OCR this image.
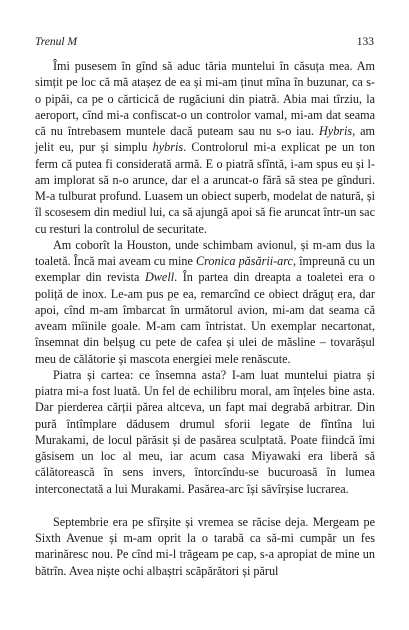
Trenul M	133

Îmi pusesem în gînd să aduc tăria muntelui în căsuța mea. Am simțit pe loc că mă atașez de ea și mi-am ținut mîna în buzunar, ca s-o pipăi, ca pe o cărticică de rugăciuni din piatră. Abia mai tîrziu, la aeroport, cînd mi-a confiscat-o un controlor vamal, mi-am dat seama că nu întrebasem muntele dacă puteam sau nu s-o iau. Hybris, am jelit eu, pur și simplu hybris. Controlorul mi-a explicat pe un ton ferm că putea fi considerată armă. E o piatră sfîntă, i-am spus eu și l-am implorat să n-o arunce, dar el a aruncat-o fără să stea pe gînduri. M-a tulburat profund. Luasem un obiect superb, modelat de natură, și îl scosesem din mediul lui, ca să ajungă apoi să fie aruncat într-un sac cu resturi la controlul de securitate.

Am coborît la Houston, unde schimbam avionul, și m-am dus la toaletă. Încă mai aveam cu mine Cronica păsării-arc, împreună cu un exemplar din revista Dwell. În partea din dreapta a toaletei era o poliță de inox. Le-am pus pe ea, remarcînd ce obiect drăguț era, dar apoi, cînd m-am îmbarcat în următorul avion, mi-am dat seama că aveam mîinile goale. M-am cam întristat. Un exemplar necartonat, însemnat din belșug cu pete de cafea și ulei de măsline – tovarășul meu de călătorie și mascota energiei mele renăscute.

Piatra și cartea: ce însemna asta? I-am luat muntelui piatra și piatra mi-a fost luată. Un fel de echilibru moral, am înțeles bine asta. Dar pierderea cărții părea altceva, un fapt mai degrabă arbitrar. Din pură întîmplare dădusem drumul sforii legate de fîntîna lui Murakami, de locul părăsit și de pasărea sculptată. Poate fiindcă îmi găsisem un loc al meu, iar acum casa Miyawaki era liberă să călătorească în sens invers, întorcîndu-se bucuroasă în lumea interconectată a lui Murakami. Pasărea-arc își săvîrșise lucrarea.

Septembrie era pe sfîrșite și vremea se răcise deja. Mergeam pe Sixth Avenue și m-am oprit la o tarabă ca să-mi cumpăr un fes marinăresc nou. Pe cînd mi-l trăgeam pe cap, s-a apropiat de mine un bătrîn. Avea niște ochi albaștri scăpărători și părul
